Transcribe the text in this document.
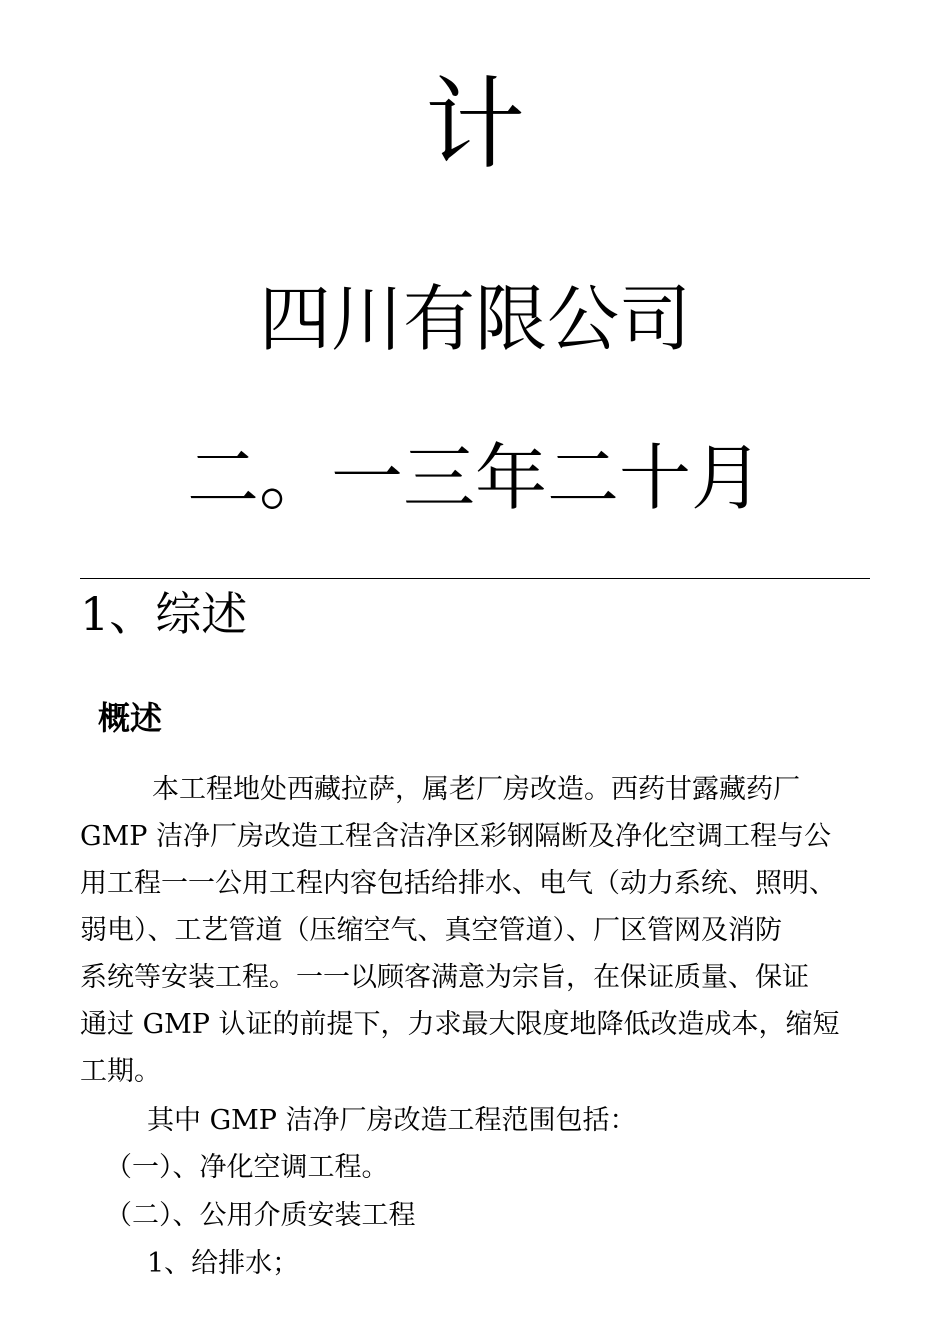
计
四川有限公司
二。一三年二十月
1、综述
概述
本工程地处西藏拉萨，属老厂房改造。西药甘露藏药厂
GMP 洁净厂房改造工程含洁净区彩钢隔断及净化空调工程与公
用工程一一公用工程内容包括给排水、电气（动力系统、照明、
弱电）、工艺管道（压缩空气、真空管道）、厂区管网及消防
系统等安装工程。一一以顾客满意为宗旨，在保证质量、保证
通过 GMP 认证的前提下，力求最大限度地降低改造成本，缩短
工期。
其中 GMP 洁净厂房改造工程范围包括：
（一）、净化空调工程。
（二）、公用介质安装工程
1、给排水；
